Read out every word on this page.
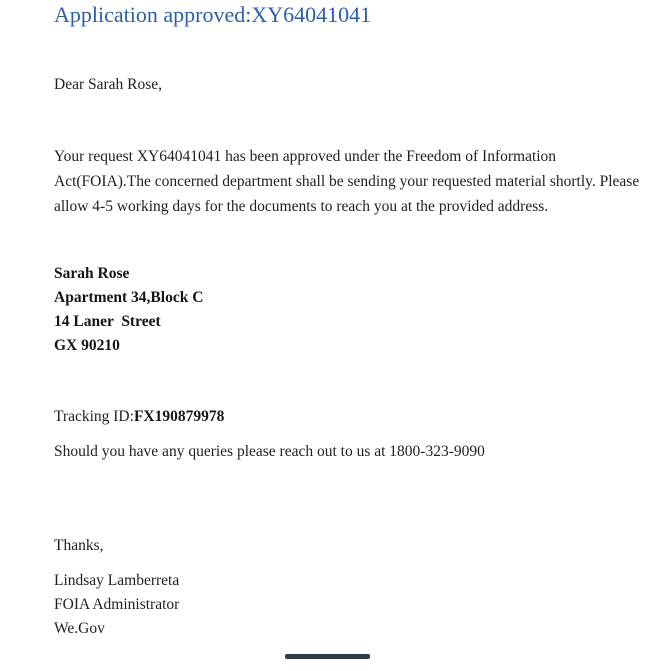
Application approved:XY64041041

Dear Sarah Rose,

Your request XY64041041 has been approved under the Freedom of Information
Act(FOIA).The concerned department shall be sending your requested material shortly. Please
allow 4-5 working days for the documents to reach you at the provided address.
Sarah Rose
Apartment 34,Block C
14 Laner  Street
GX 90210

Tracking ID:FX190879978

Should you have any queries please reach out to us at 1800-323-9090

Thanks,

Lindsay Lamberreta
FOIA Administrator
We.Gov
